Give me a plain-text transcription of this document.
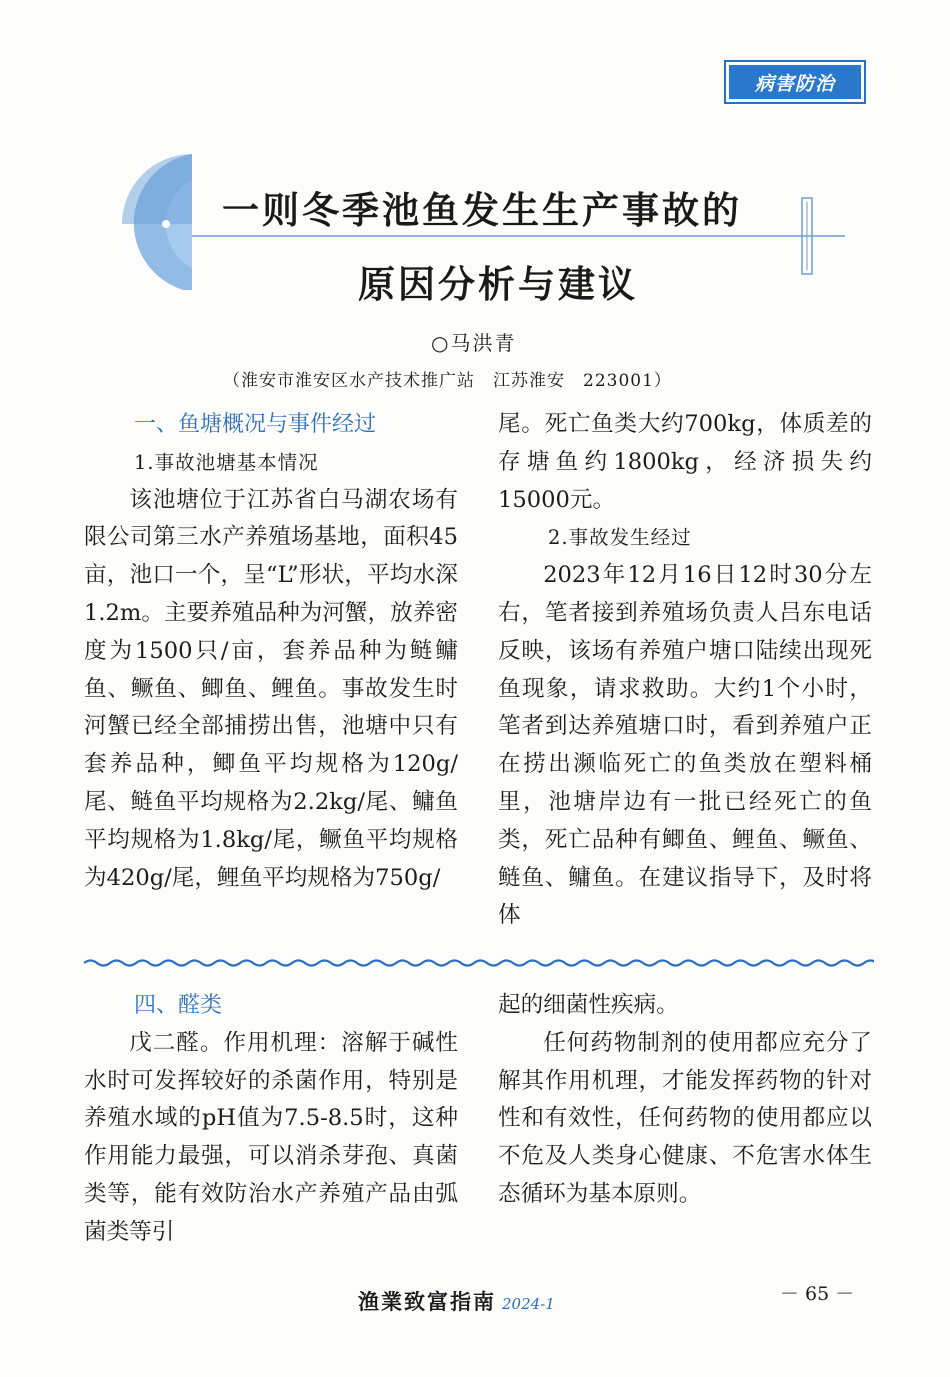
病害防治
一则冬季池鱼发生生产事故的
原因分析与建议
○马洪青
（淮安市淮安区水产技术推广站　江苏淮安　223001）
一、鱼塘概况与事件经过
1.事故池塘基本情况

该池塘位于江苏省白马湖农场有限公司第三水产养殖场基地，面积45亩，池口一个，呈“L”形状，平均水深1.2m。主要养殖品种为河蟹，放养密度为1500只/亩，套养品种为鲢鳙鱼、鳜鱼、鲫鱼、鲤鱼。事故发生时河蟹已经全部捕捞出售，池塘中只有套养品种，鲫鱼平均规格为120g/尾、鲢鱼平均规格为2.2kg/尾、鳙鱼平均规格为1.8kg/尾，鳜鱼平均规格为420g/尾，鲤鱼平均规格为750g/

尾。死亡鱼类大约700kg，体质差的存塘鱼约1800kg，经济损失约15000元。

2.事故发生经过

2023年12月16日12时30分左右，笔者接到养殖场负责人吕东电话反映，该场有养殖户塘口陆续出现死鱼现象，请求救助。大约1个小时，笔者到达养殖塘口时，看到养殖户正在捞出濒临死亡的鱼类放在塑料桶里，池塘岸边有一批已经死亡的鱼类，死亡品种有鲫鱼、鲤鱼、鳜鱼、鲢鱼、鳙鱼。在建议指导下，及时将体

四、醛类

戊二醛。作用机理：溶解于碱性水时可发挥较好的杀菌作用，特别是养殖水域的pH值为7.5-8.5时，这种作用能力最强，可以消杀芽孢、真菌类等，能有效防治水产养殖产品由弧菌类等引

起的细菌性疾病。

任何药物制剂的使用都应充分了解其作用机理，才能发挥药物的针对性和有效性，任何药物的使用都应以不危及人类身心健康、不危害水体生态循环为基本原则。

渔業致富指南 2024-1	－ 65 －
